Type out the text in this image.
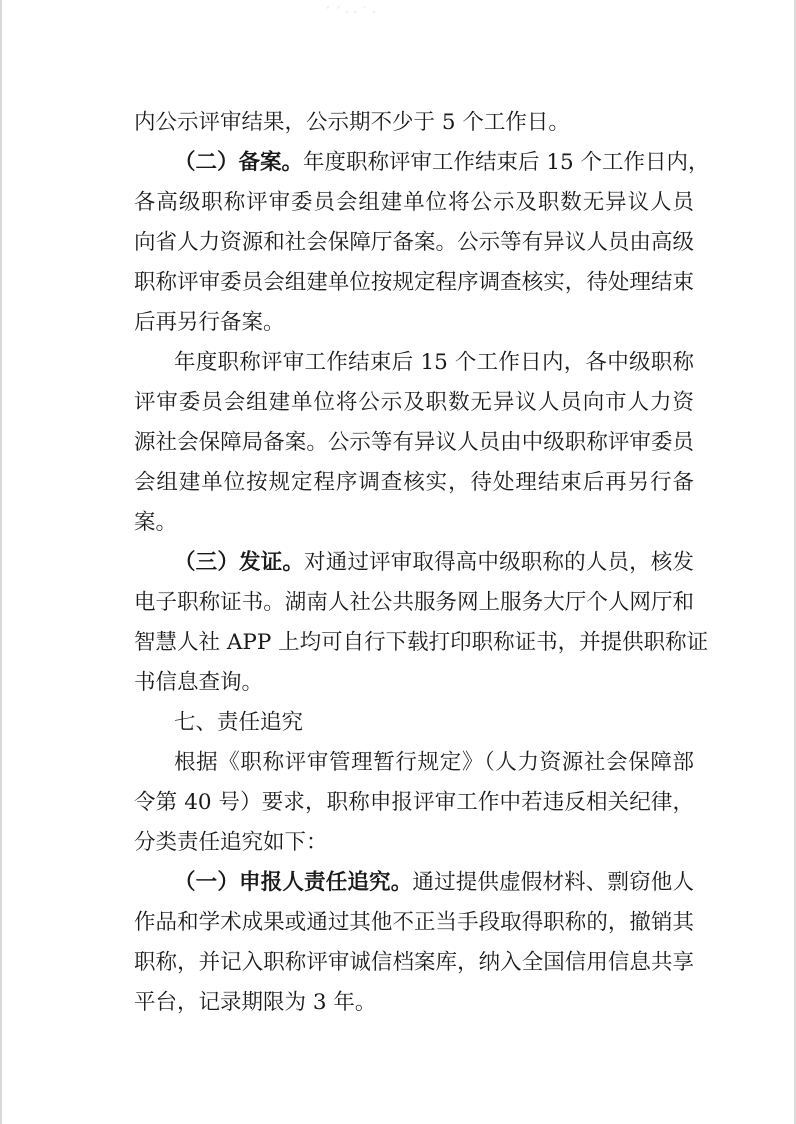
ˊˊ··˙·
内公示评审结果，公示期不少于 5 个工作日。
（二）备案。年度职称评审工作结束后 15 个工作日内，
各高级职称评审委员会组建单位将公示及职数无异议人员
向省人力资源和社会保障厅备案。公示等有异议人员由高级
职称评审委员会组建单位按规定程序调查核实，待处理结束
后再另行备案。
年度职称评审工作结束后 15 个工作日内，各中级职称
评审委员会组建单位将公示及职数无异议人员向市人力资
源社会保障局备案。公示等有异议人员由中级职称评审委员
会组建单位按规定程序调查核实，待处理结束后再另行备
案。
（三）发证。对通过评审取得高中级职称的人员，核发
电子职称证书。湖南人社公共服务网上服务大厅个人网厅和
智慧人社 APP 上均可自行下载打印职称证书，并提供职称证
书信息查询。
七、责任追究
根据《职称评审管理暂行规定》（人力资源社会保障部
令第 40 号）要求，职称申报评审工作中若违反相关纪律，
分类责任追究如下：
（一）申报人责任追究。通过提供虚假材料、剽窃他人
作品和学术成果或通过其他不正当手段取得职称的，撤销其
职称，并记入职称评审诚信档案库，纳入全国信用信息共享
平台，记录期限为 3 年。
